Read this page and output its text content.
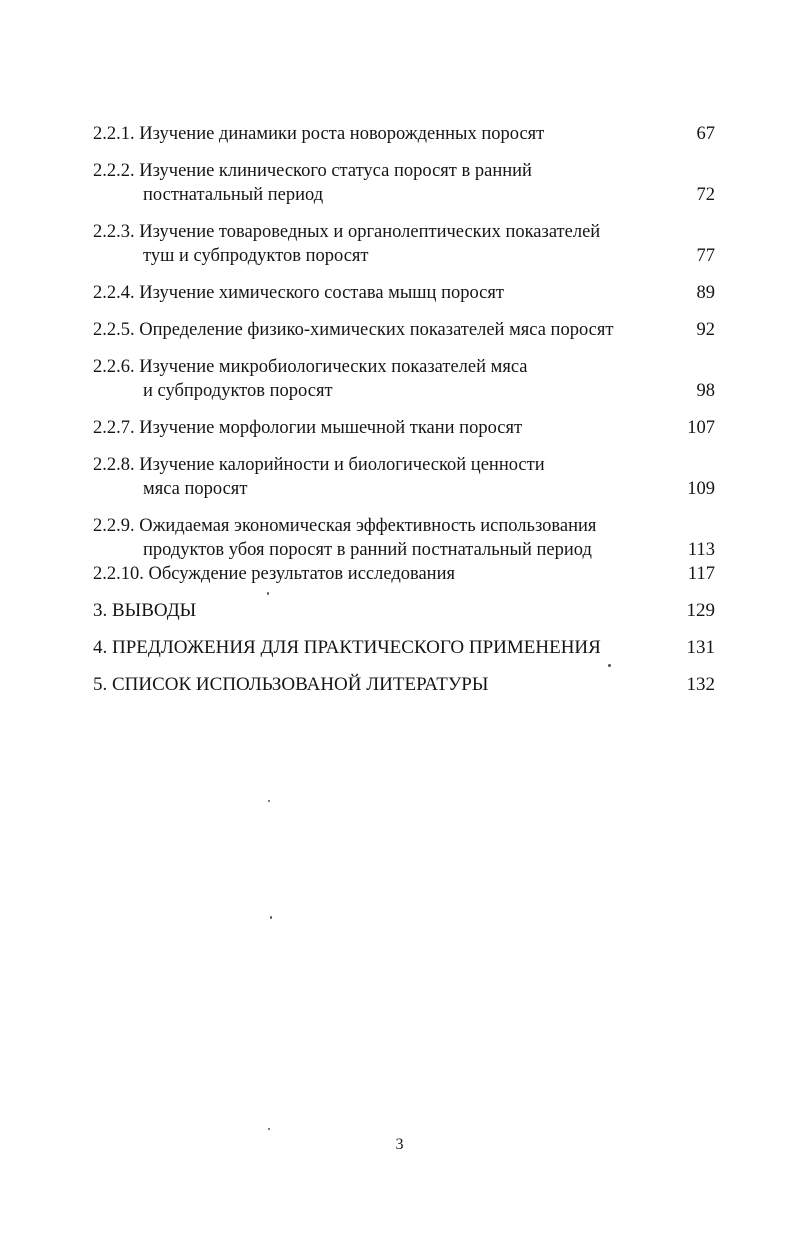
2.2.1. Изучение динамики роста новорожденных поросят	67
2.2.2. Изучение клинического статуса поросят в ранний
постнатальный период	72
2.2.3. Изучение товароведных и органолептических показателей
туш и субпродуктов поросят	77
2.2.4. Изучение химического состава мышц поросят	89
2.2.5. Определение физико-химических показателей мяса поросят	92
2.2.6. Изучение микробиологических показателей мяса
и субпродуктов поросят	98
2.2.7. Изучение морфологии мышечной ткани поросят	107
2.2.8. Изучение калорийности и биологической ценности
мяса поросят	109
2.2.9. Ожидаемая экономическая эффективность использования
продуктов убоя поросят в ранний постнатальный период	113
2.2.10. Обсуждение результатов исследования	117
3. ВЫВОДЫ	129
4. ПРЕДЛОЖЕНИЯ ДЛЯ ПРАКТИЧЕСКОГО ПРИМЕНЕНИЯ	131
5. СПИСОК ИСПОЛЬЗОВАНОЙ ЛИТЕРАТУРЫ	132
3
